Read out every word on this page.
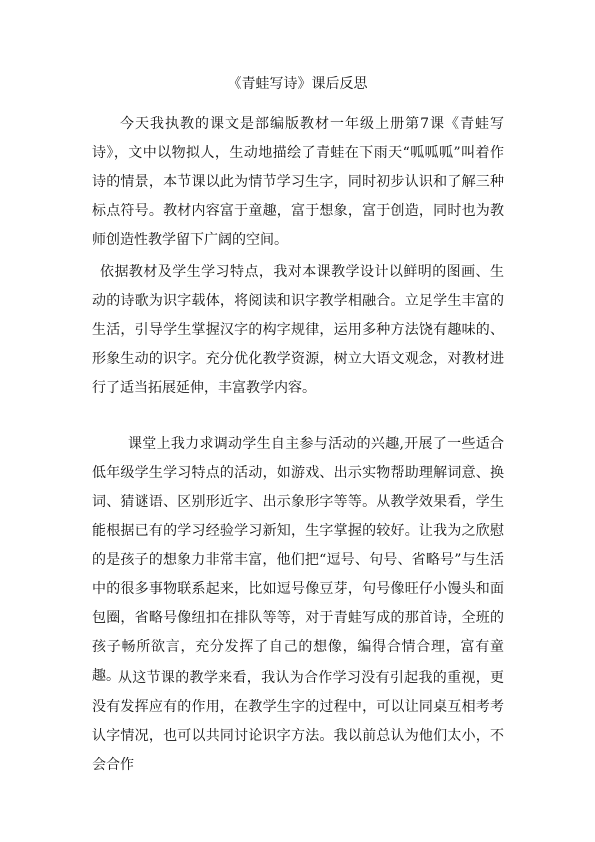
《青蛙写诗》课后反思

今天我执教的课文是部编版教材一年级上册第7课《青蛙写诗》，文中以物拟人，生动地描绘了青蛙在下雨天“呱呱呱”叫着作诗的情景，本节课以此为情节学习生字，同时初步认识和了解三种标点符号。教材内容富于童趣，富于想象，富于创造，同时也为教师创造性教学留下广阔的空间。

依据教材及学生学习特点，我对本课教学设计以鲜明的图画、生动的诗歌为识字载体，将阅读和识字教学相融合。立足学生丰富的生活，引导学生掌握汉字的构字规律，运用多种方法饶有趣味的、形象生动的识字。充分优化教学资源，树立大语文观念，对教材进行了适当拓展延伸，丰富教学内容。

课堂上我力求调动学生自主参与活动的兴趣,开展了一些适合低年级学生学习特点的活动，如游戏、出示实物帮助理解词意、换词、猜谜语、区别形近字、出示象形字等等。从教学效果看，学生能根据已有的学习经验学习新知，生字掌握的较好。让我为之欣慰的是孩子的想象力非常丰富，他们把“逗号、句号、省略号”与生活中的很多事物联系起来，比如逗号像豆芽，句号像旺仔小馒头和面包圈，省略号像纽扣在排队等等，对于青蛙写成的那首诗，全班的孩子畅所欲言，充分发挥了自己的想像，编得合情合理，富有童趣。

从这节课的教学来看，我认为合作学习没有引起我的重视，更没有发挥应有的作用，在教学生字的过程中，可以让同桌互相考考认字情况，也可以共同讨论识字方法。我以前总认为他们太小，不会合作
